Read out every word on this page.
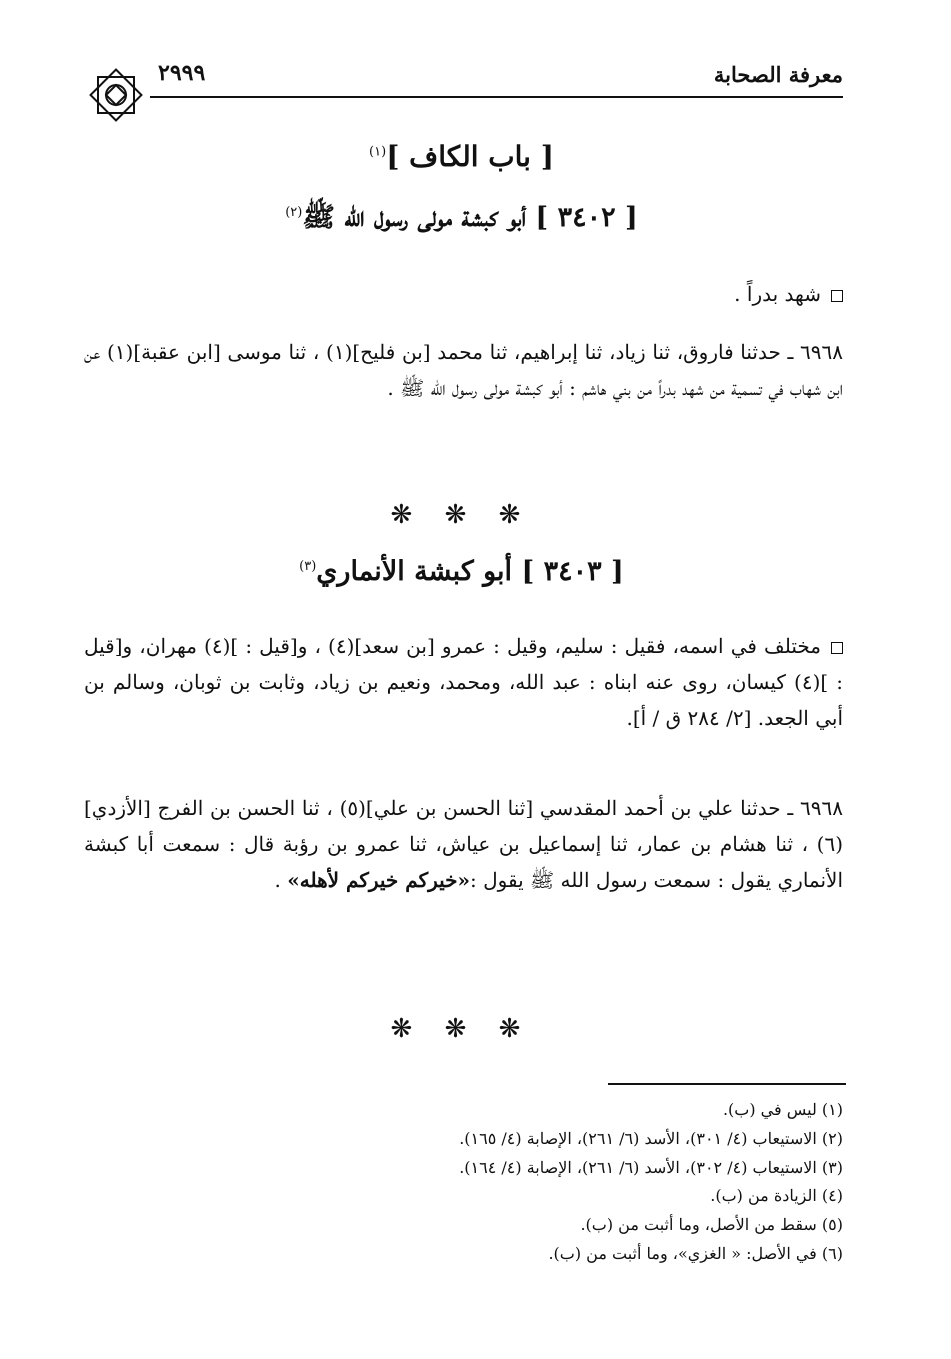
معرفة الصحابة
٢٩٩٩
[ باب الكاف ]$^{(١)}$
[ ٣٤٠٢ ] أبو كبشة مولى رسول الله ﷺ$^{(٢)}$
شهد بدراً .
٦٩٦٨ ـ حدثنا فاروق، ثنا زياد، ثنا إبراهيم، ثنا محمد [بن فليح](١) ، ثنا موسى [ابن عقبة](١) عن ابن شهاب في تسمية من شهد بدراً من بني هاشم : أبو كبشة مولى رسول الله ﷺ .
❋ ❋ ❋
[ ٣٤٠٣ ] أبو كبشة الأنماري$^{(٣)}$
مختلف في اسمه، فقيل : سليم، وقيل : عمرو [بن سعد](٤) ، و[قيل : ](٤) مهران، و[قيل : ](٤) كيسان، روى عنه ابناه : عبد الله، ومحمد، ونعيم بن زياد، وثابت بن ثوبان، وسالم بن أبي الجعد. [٢/ ٢٨٤ ق / أ].
٦٩٦٨ ـ حدثنا علي بن أحمد المقدسي [ثنا الحسن بن علي](٥) ، ثنا الحسن بن الفرج [الأزدي](٦) ، ثنا هشام بن عمار، ثنا إسماعيل بن عياش، ثنا عمرو بن رؤبة قال : سمعت أبا كبشة الأنماري يقول : سمعت رسول الله ﷺ يقول :«خيركم خيركم لأهله» .
❋ ❋ ❋
(١) ليس في (ب).
(٢) الاستيعاب (٤/ ٣٠١)، الأسد (٦/ ٢٦١)، الإصابة (٤/ ١٦٥).
(٣) الاستيعاب (٤/ ٣٠٢)، الأسد (٦/ ٢٦١)، الإصابة (٤/ ١٦٤).
(٤) الزيادة من (ب).
(٥) سقط من الأصل، وما أثبت من (ب).
(٦) في الأصل: « الغزي»، وما أثبت من (ب).
